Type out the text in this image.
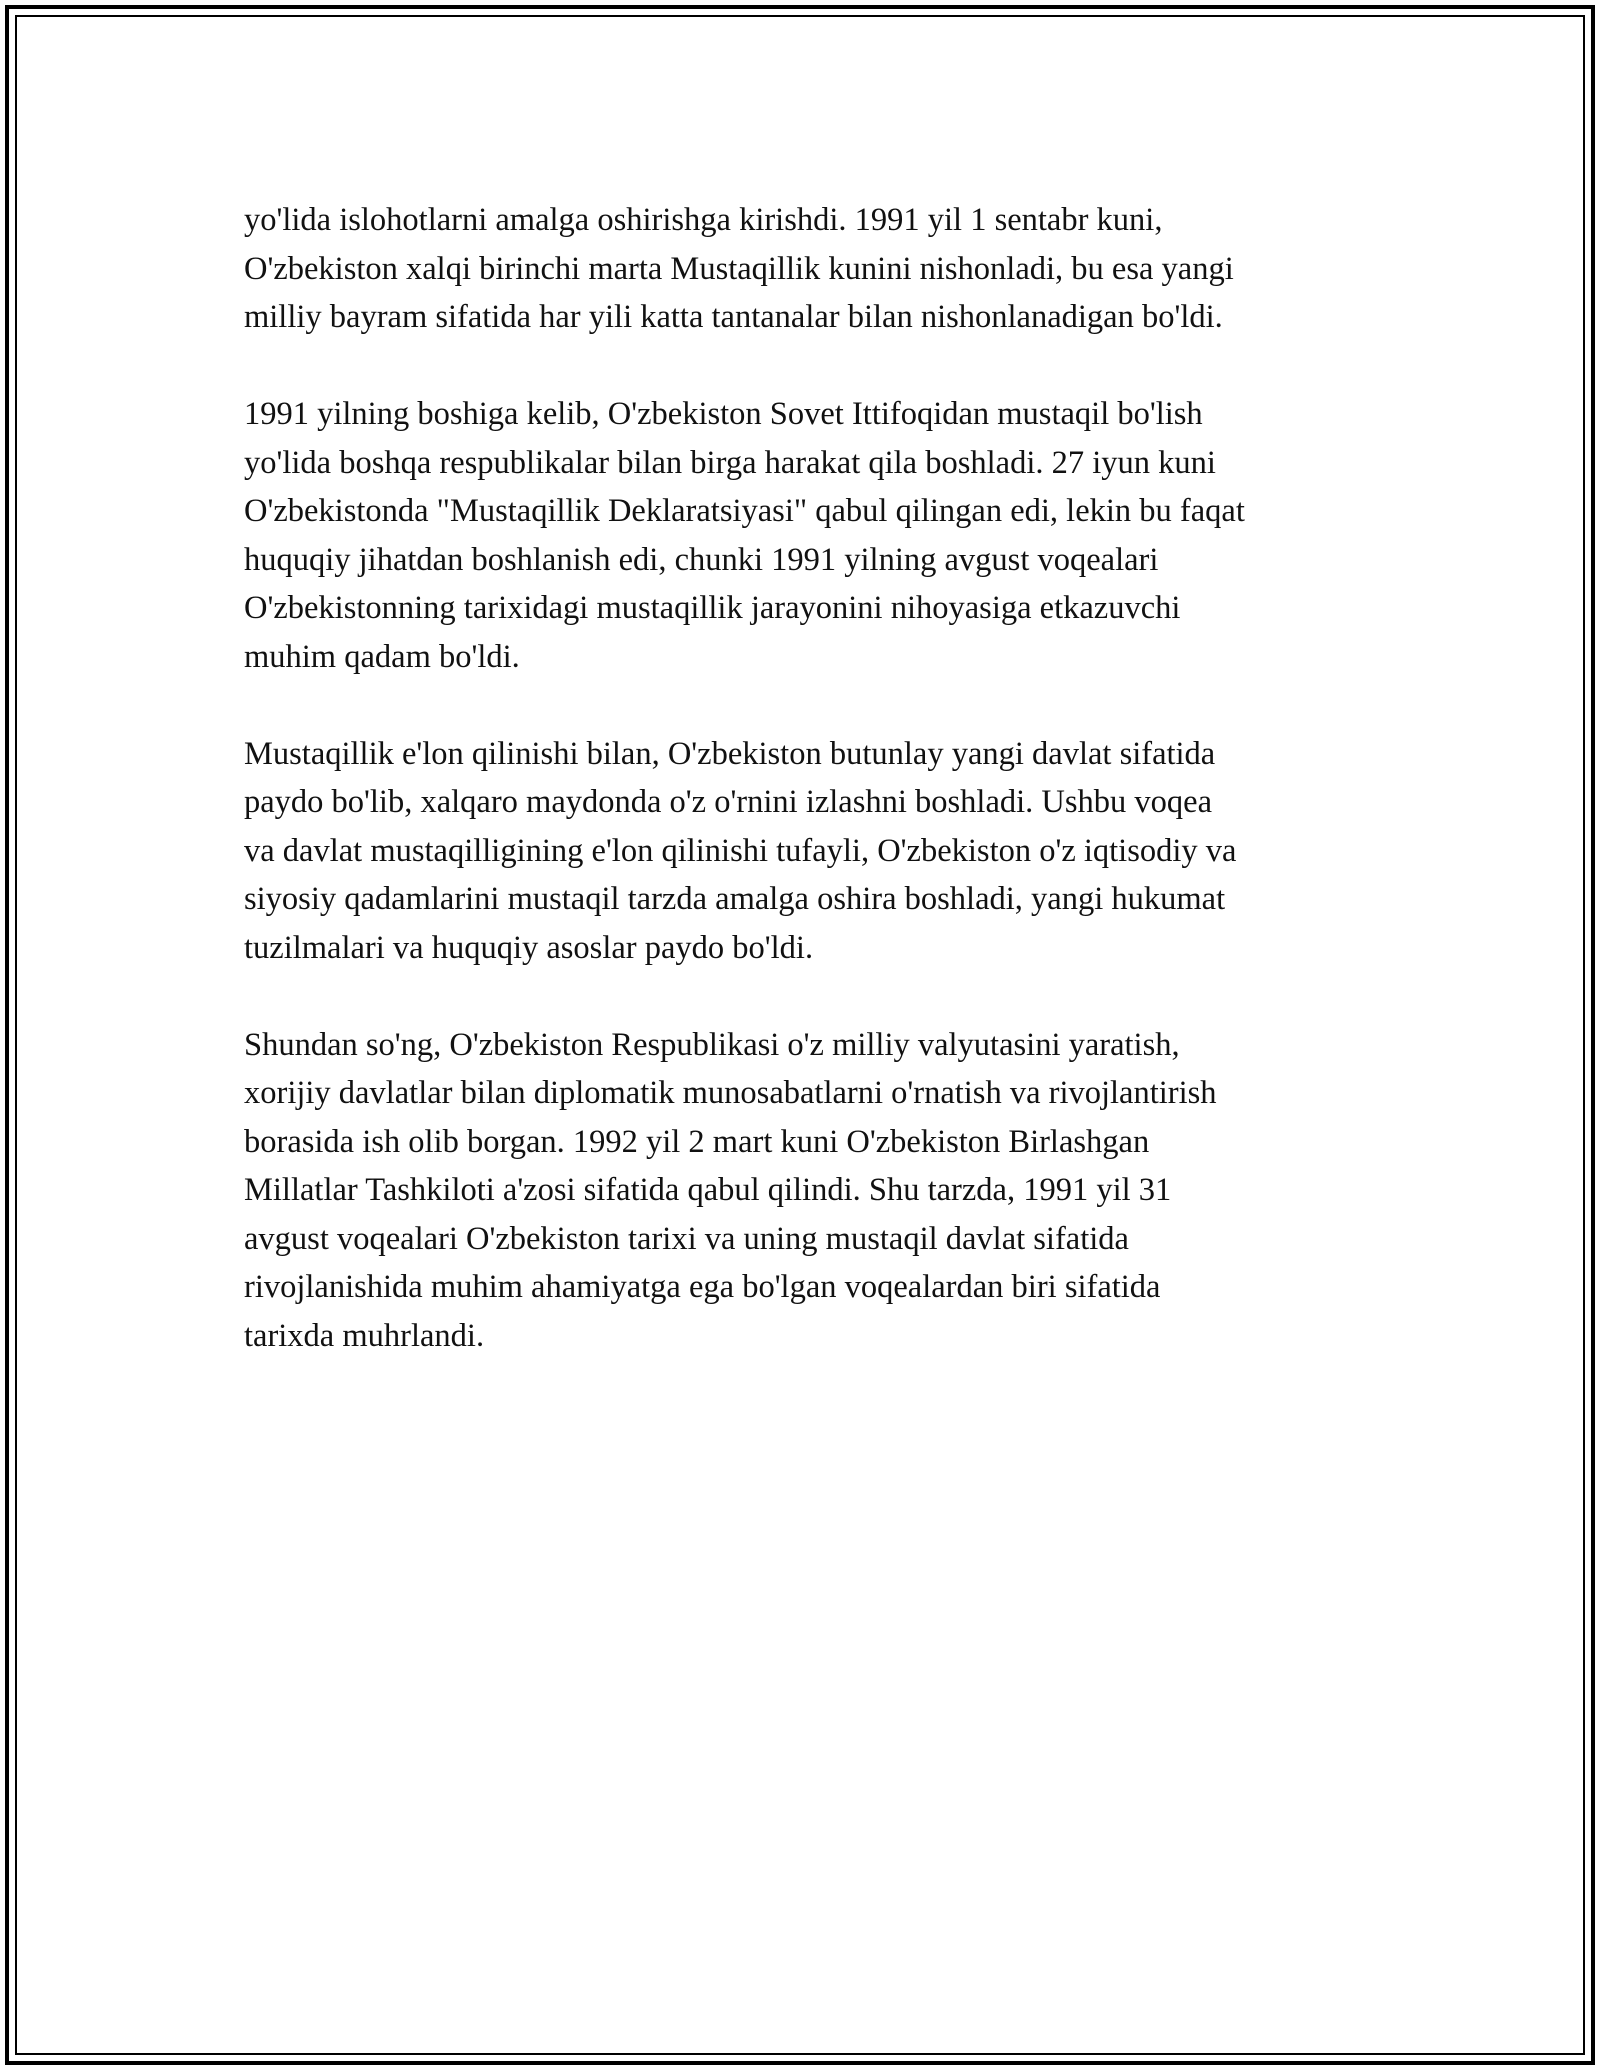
yo'lida islohotlarni amalga oshirishga kirishdi. 1991 yil 1 sentabr kuni,
O'zbekiston xalqi birinchi marta Mustaqillik kunini nishonladi, bu esa yangi
milliy bayram sifatida har yili katta tantanalar bilan nishonlanadigan bo'ldi.

1991 yilning boshiga kelib, O'zbekiston Sovet Ittifoqidan mustaqil bo'lish
yo'lida boshqa respublikalar bilan birga harakat qila boshladi. 27 iyun kuni
O'zbekistonda "Mustaqillik Deklaratsiyasi" qabul qilingan edi, lekin bu faqat
huquqiy jihatdan boshlanish edi, chunki 1991 yilning avgust voqealari
O'zbekistonning tarixidagi mustaqillik jarayonini nihoyasiga etkazuvchi
muhim qadam bo'ldi.

Mustaqillik e'lon qilinishi bilan, O'zbekiston butunlay yangi davlat sifatida
paydo bo'lib, xalqaro maydonda o'z o'rnini izlashni boshladi. Ushbu voqea
va davlat mustaqilligining e'lon qilinishi tufayli, O'zbekiston o'z iqtisodiy va
siyosiy qadamlarini mustaqil tarzda amalga oshira boshladi, yangi hukumat
tuzilmalari va huquqiy asoslar paydo bo'ldi.

Shundan so'ng, O'zbekiston Respublikasi o'z milliy valyutasini yaratish,
xorijiy davlatlar bilan diplomatik munosabatlarni o'rnatish va rivojlantirish
borasida ish olib borgan. 1992 yil 2 mart kuni O'zbekiston Birlashgan
Millatlar Tashkiloti a'zosi sifatida qabul qilindi. Shu tarzda, 1991 yil 31
avgust voqealari O'zbekiston tarixi va uning mustaqil davlat sifatida
rivojlanishida muhim ahamiyatga ega bo'lgan voqealardan biri sifatida
tarixda muhrlandi.
